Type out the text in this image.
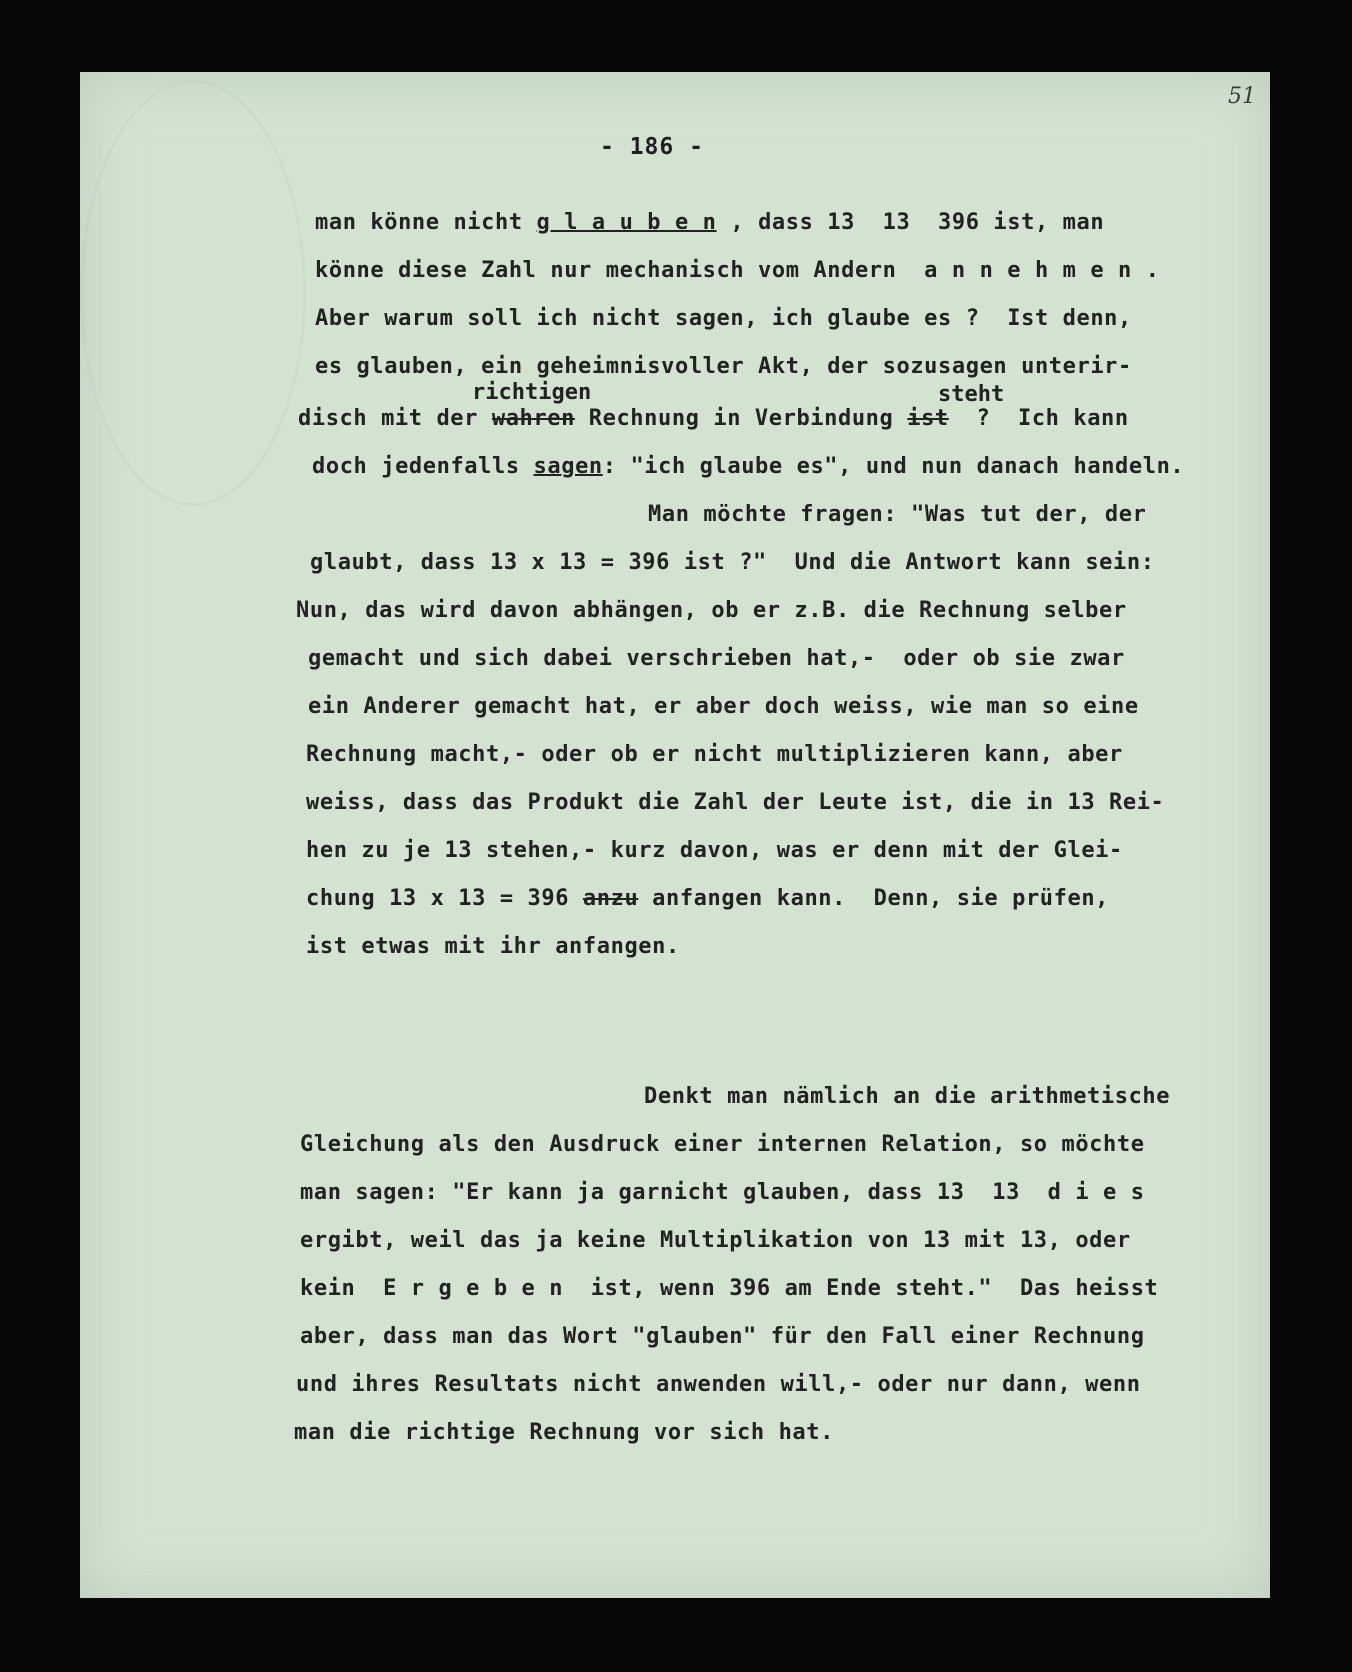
51
- 186 -
man könne nicht g l a u b e n , dass 13  13  396 ist, man
könne diese Zahl nur mechanisch vom Andern  a n n e h m e n .
Aber warum soll ich nicht sagen, ich glaube es ?  Ist denn,
es glauben, ein geheimnisvoller Akt, der sozusagen unterir-
richtigen	steht
disch mit der wahren Rechnung in Verbindung ist  ?  Ich kann
doch jedenfalls sagen: "ich glaube es", und nun danach handeln.
Man möchte fragen: "Was tut der, der
glaubt, dass 13 x 13 = 396 ist ?"  Und die Antwort kann sein:
Nun, das wird davon abhängen, ob er z.B. die Rechnung selber
gemacht und sich dabei verschrieben hat,-  oder ob sie zwar
ein Anderer gemacht hat, er aber doch weiss, wie man so eine
Rechnung macht,- oder ob er nicht multiplizieren kann, aber
weiss, dass das Produkt die Zahl der Leute ist, die in 13 Rei-
hen zu je 13 stehen,- kurz davon, was er denn mit der Glei-
chung 13 x 13 = 396 anzu anfangen kann.  Denn, sie prüfen,
ist etwas mit ihr anfangen.
Denkt man nämlich an die arithmetische
Gleichung als den Ausdruck einer internen Relation, so möchte
man sagen: "Er kann ja garnicht glauben, dass 13  13  d i e s
ergibt, weil das ja keine Multiplikation von 13 mit 13, oder
kein  E r g e b e n  ist, wenn 396 am Ende steht."  Das heisst
aber, dass man das Wort "glauben" für den Fall einer Rechnung
und ihres Resultats nicht anwenden will,- oder nur dann, wenn
man die richtige Rechnung vor sich hat.
